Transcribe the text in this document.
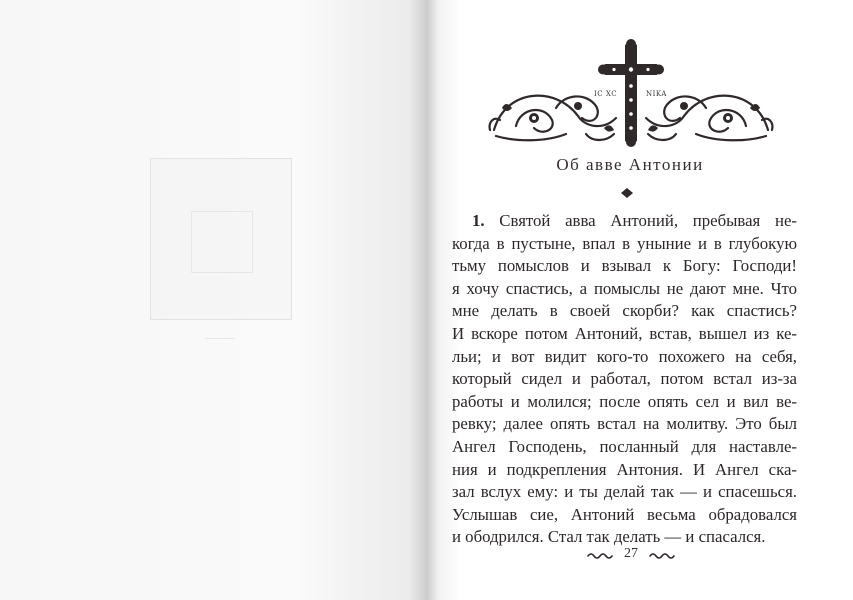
IC XC	NIKA
Об авве Антонии
1. Святой авва Антоний, пребывая не-
когда в пустыне, впал в уныние и в глубокую
тьму помыслов и взывал к Богу: Господи!
я хочу спастись, а помыслы не дают мне. Что
мне делать в своей скорби? как спастись?
И вскоре потом Антоний, встав, вышел из ке-
льи; и вот видит кого-то похожего на себя,
который сидел и работал, потом встал из-за
работы и молился; после опять сел и вил ве-
ревку; далее опять встал на молитву. Это был
Ангел Господень, посланный для наставле-
ния и подкрепления Антония. И Ангел ска-
зал вслух ему: и ты делай так — и спасешься.
Услышав сие, Антоний весьма обрадовался
и ободрился. Стал так делать — и спасался.
27
